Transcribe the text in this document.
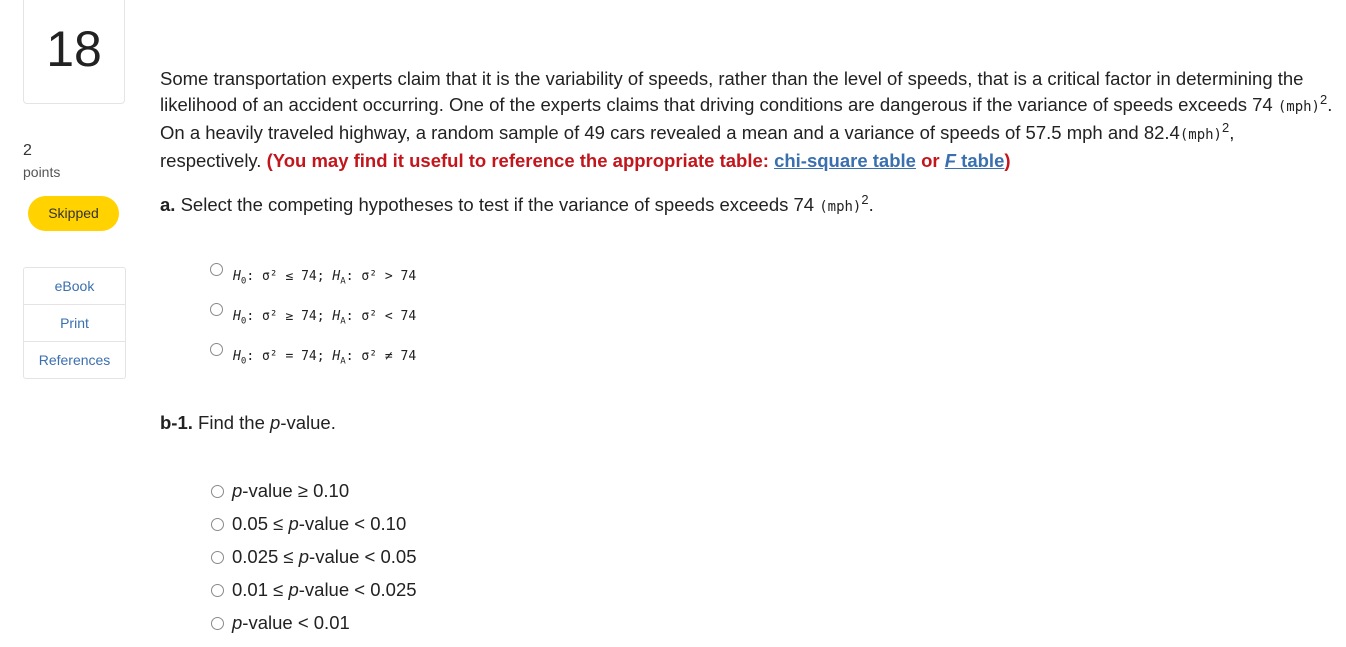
18
2
points
Skipped
eBook
Print
References
Some transportation experts claim that it is the variability of speeds, rather than the level of speeds, that is a critical factor in determining the likelihood of an accident occurring. One of the experts claims that driving conditions are dangerous if the variance of speeds exceeds 74 (mph)$^2$. On a heavily traveled highway, a random sample of 49 cars revealed a mean and a variance of speeds of 57.5 mph and 82.4(mph)$^2$, respectively. (You may find it useful to reference the appropriate table: chi-square table or F table)
a. Select the competing hypotheses to test if the variance of speeds exceeds 74 (mph)$^2$.
$H_0$: σ² ≤ 74; $H_A$: σ² > 74
$H_0$: σ² ≥ 74; $H_A$: σ² < 74
$H_0$: σ² = 74; $H_A$: σ² ≠ 74
b-1. Find the p-value.
p-value ≥ 0.10
0.05 ≤ p-value < 0.10
0.025 ≤ p-value < 0.05
0.01 ≤ p-value < 0.025
p-value < 0.01
